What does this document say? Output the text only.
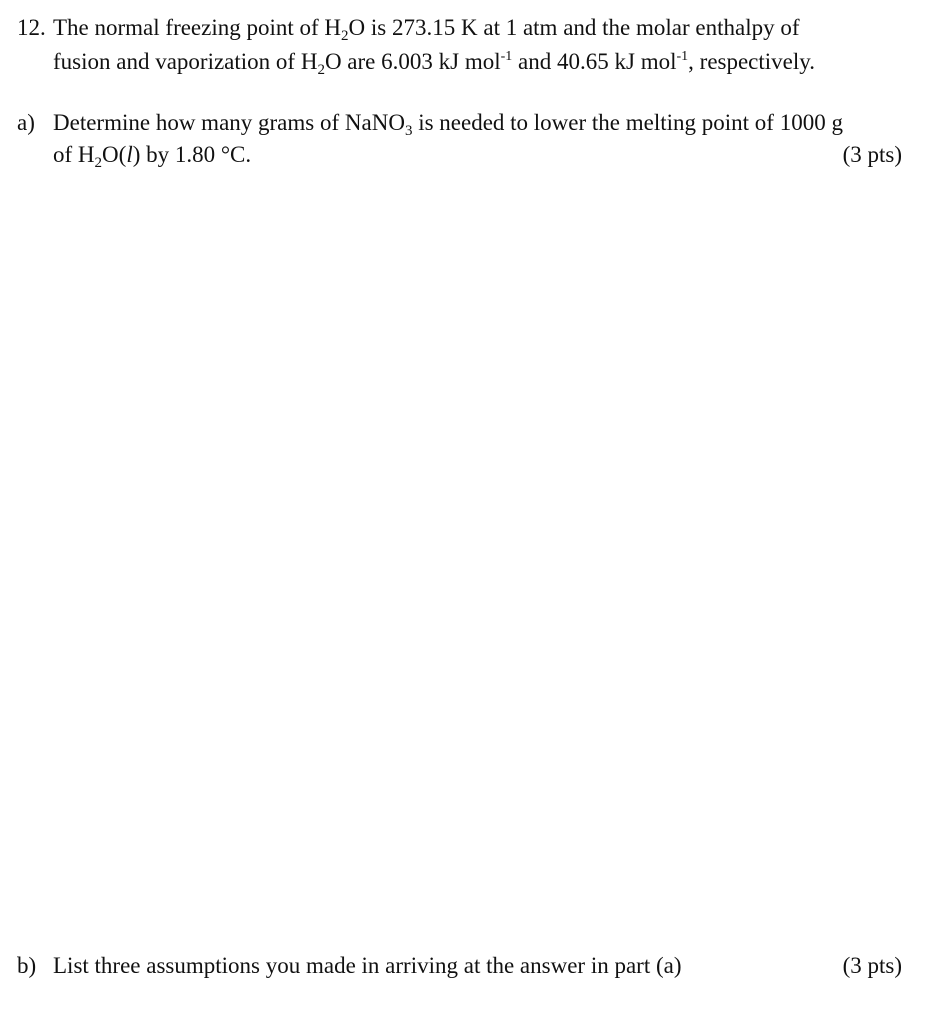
12. The normal freezing point of $H_2O$ is 273.15 K at 1 atm and the molar enthalpy of
fusion and vaporization of $H_2O$ are 6.003 kJ mol$^{-1}$ and 40.65 kJ mol$^{-1}$, respectively.
a) Determine how many grams of NaNO$_3$ is needed to lower the melting point of 1000 g
of $H_2O(l)$ by 1.80 °C.	(3 pts)
b) List three assumptions you made in arriving at the answer in part (a)	(3 pts)
